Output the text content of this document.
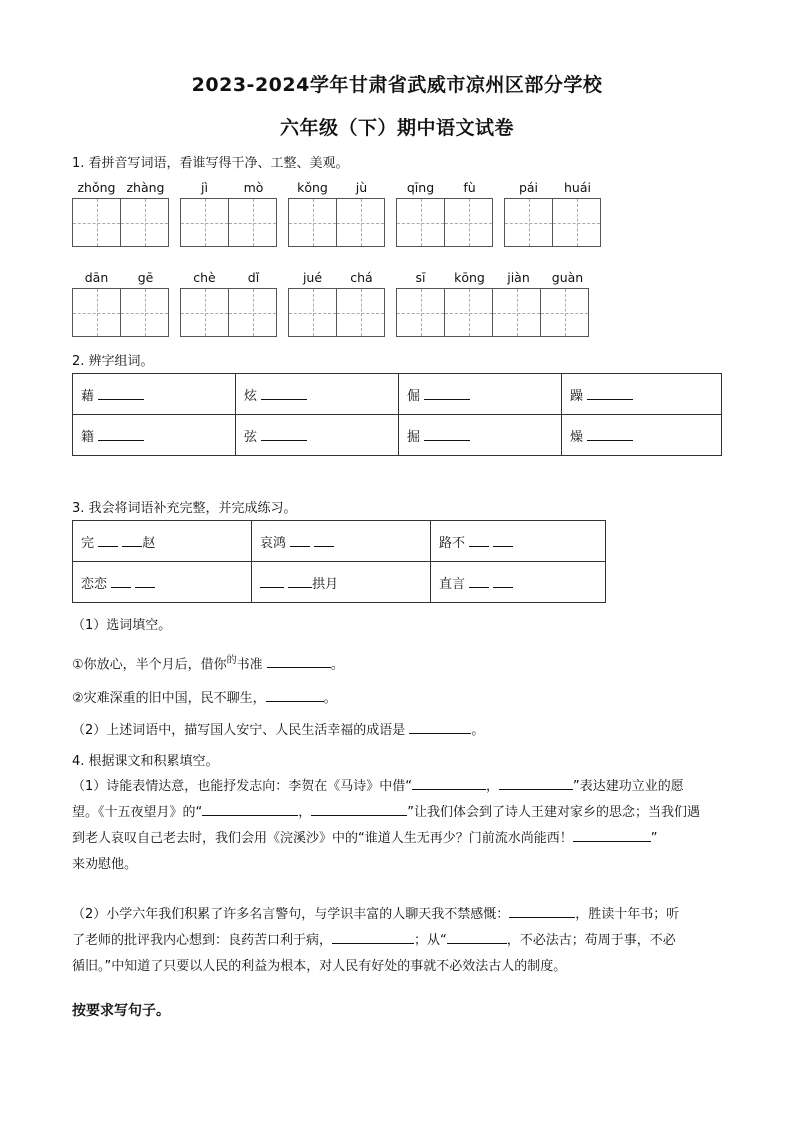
2023-2024学年甘肃省武威市凉州区部分学校
六年级（下）期中语文试卷
1. 看拼音写词语，看谁写得干净、工整、美观。
zhǒng zhàng	jì	mò	kǒng	jù	qīng	fù	pái	huái
dān	gē	chè	dǐ	jué	chá	sī	kōng	jiàn	guàn
2. 辨字组词。
藉	炫	倔	躁
籍	弦	掘	燥
3. 我会将词语补充完整，并完成练习。
完 赵	哀鸿	路不
恋恋	拱月	直言
（1）选词填空。
①你放心，半个月后，借你$^的$书准	。
②灾难深重的旧中国，民不聊生，	。
（2）上述词语中，描写国人安宁、人民生活幸福的成语是	。
4. 根据课文和积累填空。
（1）诗能表情达意，也能抒发志向：李贺在《马诗》中借“	，	”表达建功立业的愿
望。《十五夜望月》的“	，	”让我们体会到了诗人王建对家乡的思念；当我们遇
到老人哀叹自己老去时，我们会用《浣溪沙》中的“谁道人生无再少？门前流水尚能西！	”
来劝慰他。
（2）小学六年我们积累了许多名言警句，与学识丰富的人聊天我不禁感慨：	，胜读十年书；听
了老师的批评我内心想到：良药苦口利于病，	；从“	，不必法古；苟周于事，不必
循旧。”中知道了只要以人民的利益为根本，对人民有好处的事就不必效法古人的制度。
按要求写句子。
